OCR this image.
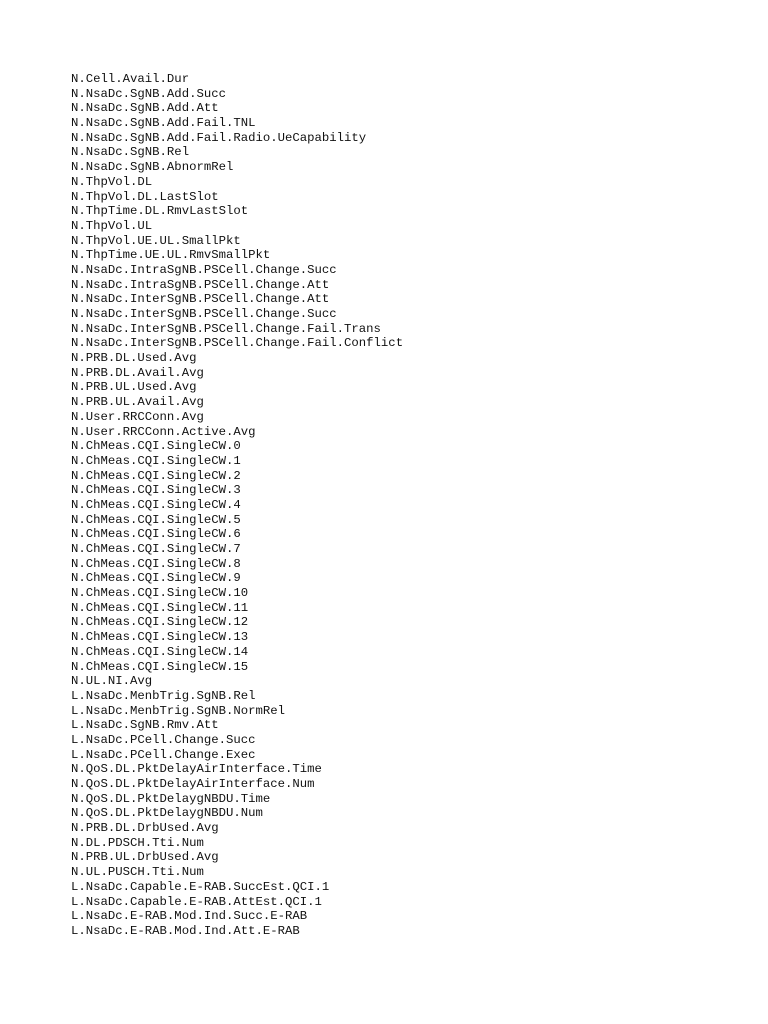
N.Cell.Avail.Dur
N.NsaDc.SgNB.Add.Succ
N.NsaDc.SgNB.Add.Att
N.NsaDc.SgNB.Add.Fail.TNL
N.NsaDc.SgNB.Add.Fail.Radio.UeCapability
N.NsaDc.SgNB.Rel
N.NsaDc.SgNB.AbnormRel
N.ThpVol.DL
N.ThpVol.DL.LastSlot
N.ThpTime.DL.RmvLastSlot
N.ThpVol.UL
N.ThpVol.UE.UL.SmallPkt
N.ThpTime.UE.UL.RmvSmallPkt
N.NsaDc.IntraSgNB.PSCell.Change.Succ
N.NsaDc.IntraSgNB.PSCell.Change.Att
N.NsaDc.InterSgNB.PSCell.Change.Att
N.NsaDc.InterSgNB.PSCell.Change.Succ
N.NsaDc.InterSgNB.PSCell.Change.Fail.Trans
N.NsaDc.InterSgNB.PSCell.Change.Fail.Conflict
N.PRB.DL.Used.Avg
N.PRB.DL.Avail.Avg
N.PRB.UL.Used.Avg
N.PRB.UL.Avail.Avg
N.User.RRCConn.Avg
N.User.RRCConn.Active.Avg
N.ChMeas.CQI.SingleCW.0
N.ChMeas.CQI.SingleCW.1
N.ChMeas.CQI.SingleCW.2
N.ChMeas.CQI.SingleCW.3
N.ChMeas.CQI.SingleCW.4
N.ChMeas.CQI.SingleCW.5
N.ChMeas.CQI.SingleCW.6
N.ChMeas.CQI.SingleCW.7
N.ChMeas.CQI.SingleCW.8
N.ChMeas.CQI.SingleCW.9
N.ChMeas.CQI.SingleCW.10
N.ChMeas.CQI.SingleCW.11
N.ChMeas.CQI.SingleCW.12
N.ChMeas.CQI.SingleCW.13
N.ChMeas.CQI.SingleCW.14
N.ChMeas.CQI.SingleCW.15
N.UL.NI.Avg
L.NsaDc.MenbTrig.SgNB.Rel
L.NsaDc.MenbTrig.SgNB.NormRel
L.NsaDc.SgNB.Rmv.Att
L.NsaDc.PCell.Change.Succ
L.NsaDc.PCell.Change.Exec
N.QoS.DL.PktDelayAirInterface.Time
N.QoS.DL.PktDelayAirInterface.Num
N.QoS.DL.PktDelaygNBDU.Time
N.QoS.DL.PktDelaygNBDU.Num
N.PRB.DL.DrbUsed.Avg
N.DL.PDSCH.Tti.Num
N.PRB.UL.DrbUsed.Avg
N.UL.PUSCH.Tti.Num
L.NsaDc.Capable.E-RAB.SuccEst.QCI.1
L.NsaDc.Capable.E-RAB.AttEst.QCI.1
L.NsaDc.E-RAB.Mod.Ind.Succ.E-RAB
L.NsaDc.E-RAB.Mod.Ind.Att.E-RAB
